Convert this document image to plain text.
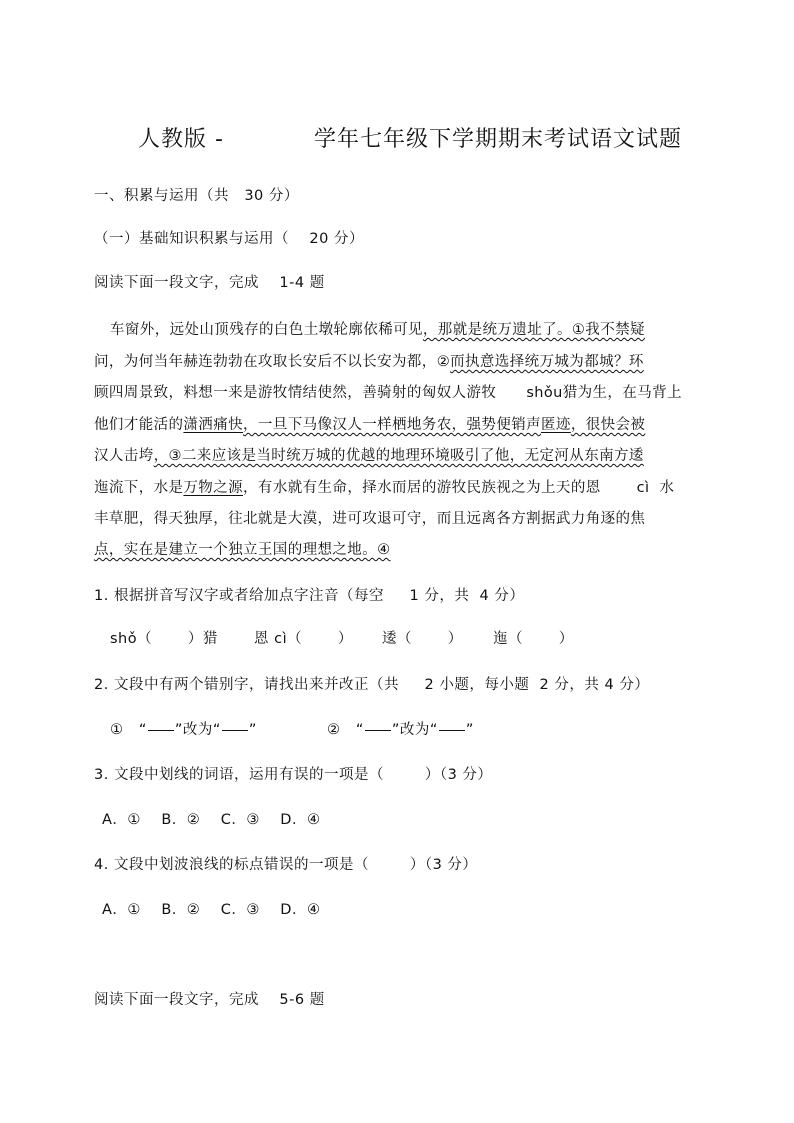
人教版 -	学年七年级下学期期末考试语文试题
一、积累与运用（共   30 分）
（一）基础知识积累与运用（    20 分）
阅读下面一段文字，完成    1-4 题
车窗外，远处山顶残存的白色土墩轮廓依稀可见，那就是统万遗址了。①我不禁疑
问，为何当年赫连勃勃在攻取长安后不以长安为都，②而执意选择统万城为都城？环
顾四周景致，料想一来是游牧情结使然，善骑射的匈奴人游牧 shǒu猎为生，在马背上
他们才能活的潇洒痛快，一旦下马像汉人一样栖地务农，强势便销声匿迹，很快会被
汉人击垮，③二来应该是当时统万城的优越的地理环境吸引了他，无定河从东南方逶
迤流下，水是万物之源，有水就有生命，择水而居的游牧民族视之为上天的恩 cì 水
丰草肥，得天独厚，往北就是大漠，进可攻退可守，而且远离各方割据武力角逐的焦
点，实在是建立一个独立王国的理想之地。④
1. 根据拼音写汉字或者给加点字注音（每空     1 分，共  4 分）
shǒ（       ）猎 恩 cì（       ） 逶（       ） 迤（       ）
2. 文段中有两个错别字，请找出来并改正（共     2 小题，每小题  2 分，共 4 分）
① “ ”改为“ ”	② “ ”改为“ ”
3. 文段中划线的词语，运用有误的一项是（        ）（3 分）
A．①    B．②    C．③    D．④
4. 文段中划波浪线的标点错误的一项是（        ）（3 分）
A．①    B．②    C．③    D．④
阅读下面一段文字，完成    5-6 题
